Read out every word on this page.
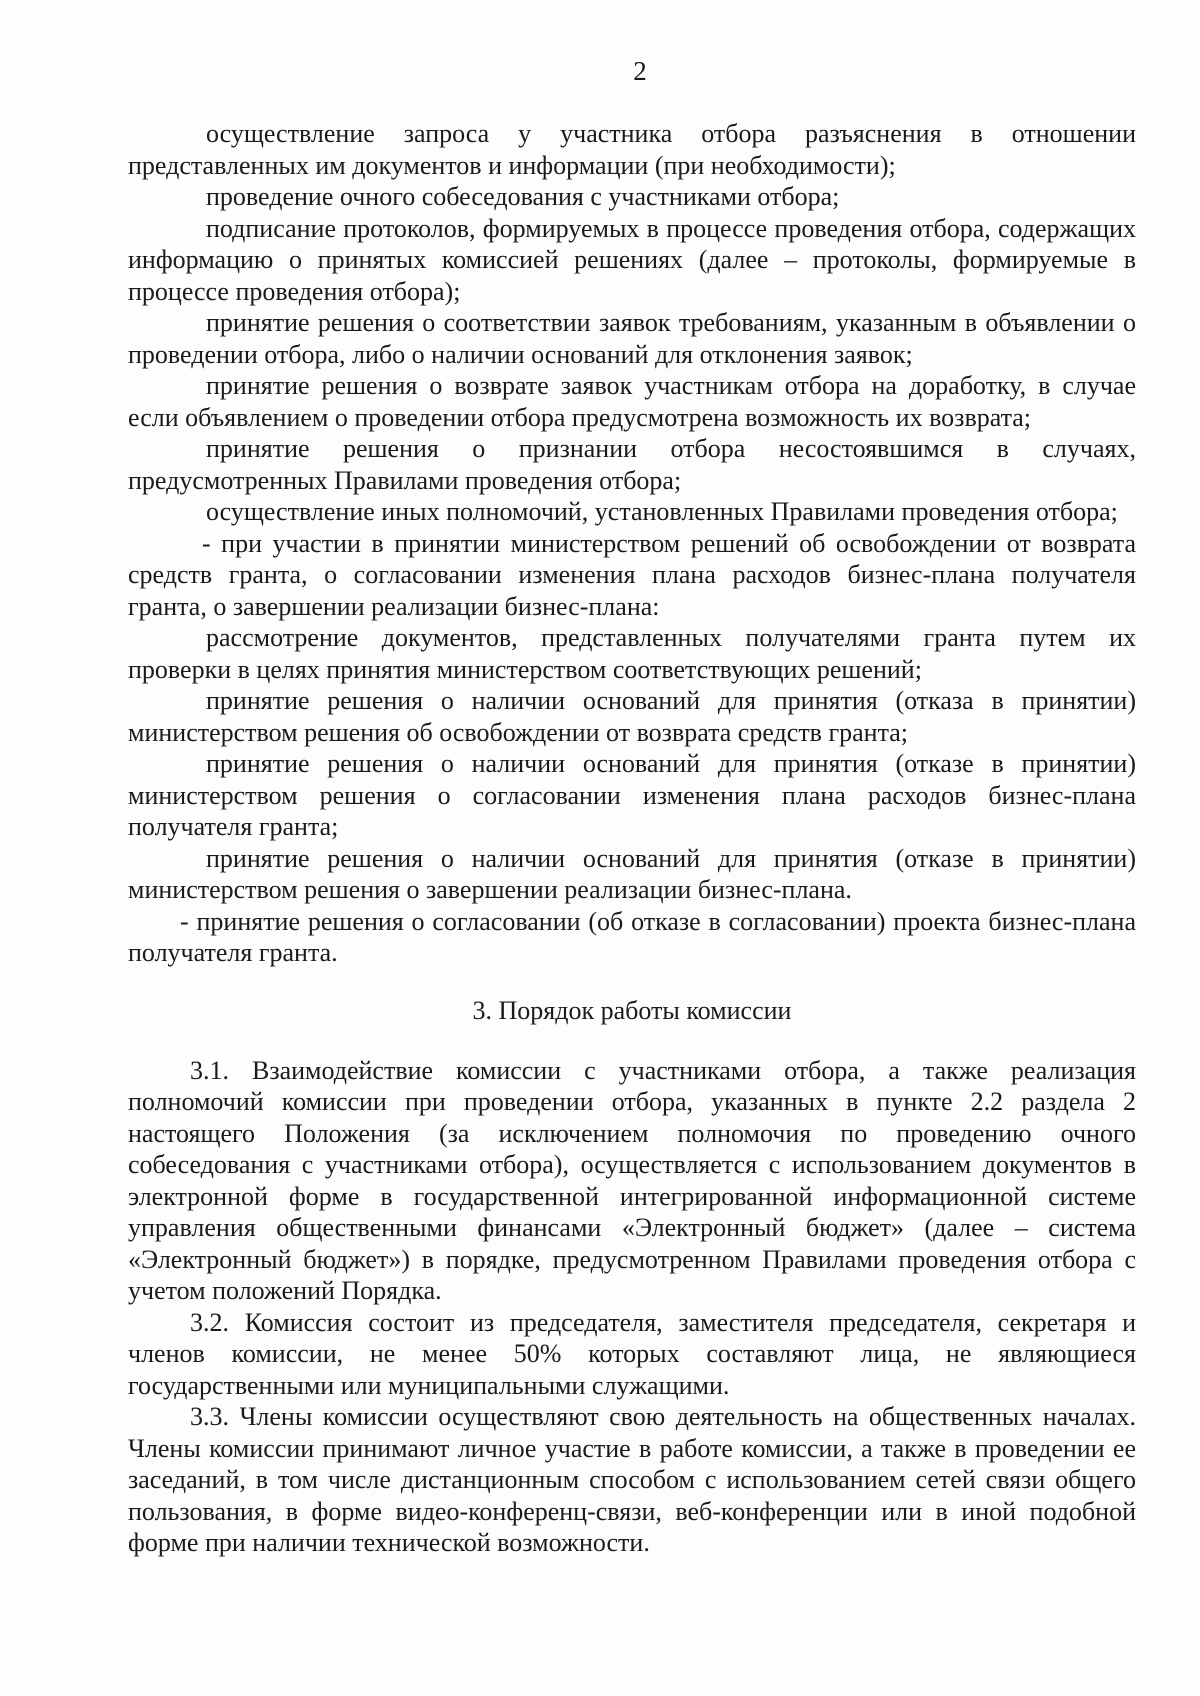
2

осуществление запроса у участника отбора разъяснения в отношении представленных им документов и информации (при необходимости);

проведение очного собеседования с участниками отбора;

подписание протоколов, формируемых в процессе проведения отбора, содержащих информацию о принятых комиссией решениях (далее – протоколы, формируемые в процессе проведения отбора);

принятие решения о соответствии заявок требованиям, указанным в объявлении о проведении отбора, либо о наличии оснований для отклонения заявок;

принятие решения о возврате заявок участникам отбора на доработку, в случае если объявлением о проведении отбора предусмотрена возможность их возврата;

принятие решения о признании отбора несостоявшимся в случаях, предусмотренных Правилами проведения отбора;

осуществление иных полномочий, установленных Правилами проведения отбора;

- при участии в принятии министерством решений об освобождении от возврата средств гранта, о согласовании изменения плана расходов бизнес-плана получателя гранта, о завершении реализации бизнес-плана:

рассмотрение документов, представленных получателями гранта путем их проверки в целях принятия министерством соответствующих решений;

принятие решения о наличии оснований для принятия (отказа в принятии) министерством решения об освобождении от возврата средств гранта;

принятие решения о наличии оснований для принятия (отказе в принятии) министерством решения о согласовании изменения плана расходов бизнес-плана получателя гранта;

принятие решения о наличии оснований для принятия (отказе в принятии) министерством решения о завершении реализации бизнес-плана.

- принятие решения о согласовании (об отказе в согласовании) проекта бизнес-плана получателя гранта.

3. Порядок работы комиссии

3.1. Взаимодействие комиссии с участниками отбора, а также реализация полномочий комиссии при проведении отбора, указанных в пункте 2.2 раздела 2 настоящего Положения (за исключением полномочия по проведению очного собеседования с участниками отбора), осуществляется с использованием документов в электронной форме в государственной интегрированной информационной системе управления общественными финансами «Электронный бюджет» (далее – система «Электронный бюджет») в порядке, предусмотренном Правилами проведения отбора с учетом положений Порядка.

3.2. Комиссия состоит из председателя, заместителя председателя, секретаря и членов комиссии, не менее 50% которых составляют лица, не являющиеся государственными или муниципальными служащими.

3.3. Члены комиссии осуществляют свою деятельность на общественных началах. Члены комиссии принимают личное участие в работе комиссии, а также в проведении ее заседаний, в том числе дистанционным способом с использованием сетей связи общего пользования, в форме видео-конференц-связи, веб-конференции или в иной подобной форме при наличии технической возможности.
